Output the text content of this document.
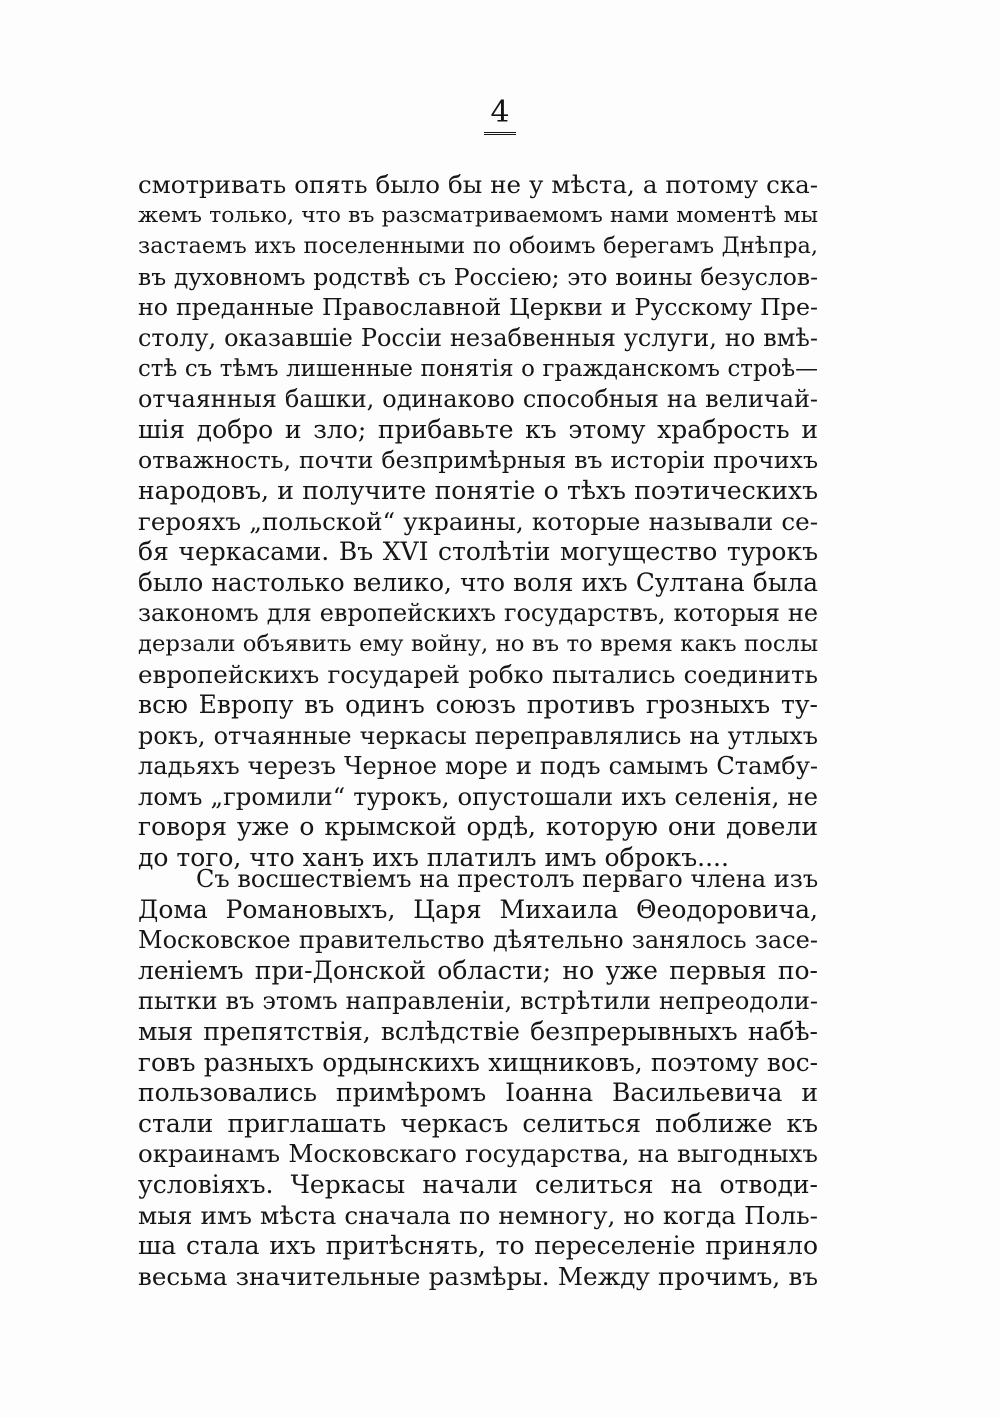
4
смотривать опять было бы не у мѣста, а потому ска-
жемъ только, что въ разсматриваемомъ нами моментѣ мы
застаемъ ихъ поселенными по обоимъ берегамъ Днѣпра,
въ духовномъ родствѣ съ Россiею; это воины безуслов-
но преданные Православной Церкви и Русскому Пре-
столу, оказавшiе Россiи незабвенныя услуги, но вмѣ-
стѣ съ тѣмъ лишенные понятiя о гражданскомъ строѣ—
отчаянныя башки, одинаково способныя на величай-
шiя добро и зло; прибавьте къ этому храбрость и
отважность, почти безпримѣрныя въ исторiи прочихъ
народовъ, и получите понятiе о тѣхъ поэтическихъ
герояхъ „польской“ украины, которые называли се-
бя черкасами. Въ XVI столѣтiи могущество турокъ
было настолько велико, что воля ихъ Султана была
закономъ для европейскихъ государствъ, которыя не
дерзали объявить ему войну, но въ то время какъ послы
европейскихъ государей робко пытались соединить
всю Европу въ одинъ союзъ противъ грозныхъ ту-
рокъ, отчаянные черкасы переправлялись на утлыхъ
ладьяхъ черезъ Черное море и подъ самымъ Стамбу-
ломъ „громили“ турокъ, опустошали ихъ селенiя, не
говоря уже о крымской ордѣ, которую они довели
до того, что ханъ ихъ платилъ имъ оброкъ....
Съ восшествiемъ на престолъ перваго члена изъ
Дома Романовыхъ, Царя Михаила Θеодоровича,
Московское правительство дѣятельно занялось засе-
ленiемъ при-Донской области; но уже первыя по-
пытки въ этомъ направленiи, встрѣтили непреодоли-
мыя препятствiя, вслѣдствiе безпрерывныхъ набѣ-
говъ разныхъ ордынскихъ хищниковъ, поэтому вос-
пользовались примѣромъ Iоанна Васильевича и
стали приглашать черкасъ селиться поближе къ
окраинамъ Московскаго государства, на выгодныхъ
условiяхъ. Черкасы начали селиться на отводи-
мыя имъ мѣста сначала по немногу, но когда Поль-
ша стала ихъ притѣснять, то переселенiе приняло
весьма значительные размѣры. Между прочимъ, въ
